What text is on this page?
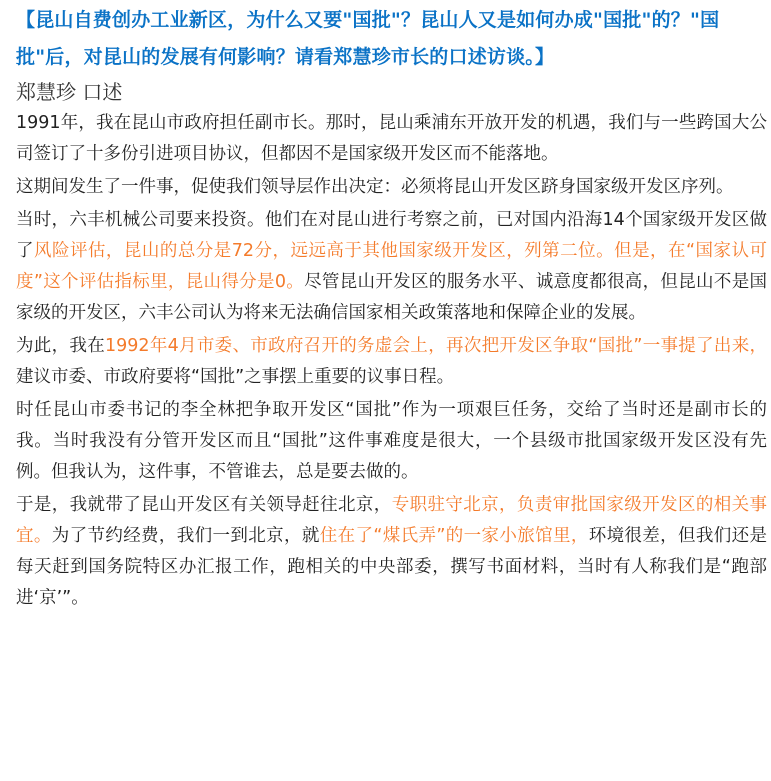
【昆山自费创办工业新区，为什么又要"国批"？昆山人又是如何办成"国批"的？"国批"后，对昆山的发展有何影响？请看郑慧珍市长的口述访谈。】

郑慧珍 口述

1991年，我在昆山市政府担任副市长。那时，昆山乘浦东开放开发的机遇，我们与一些跨国大公司签订了十多份引进项目协议，但都因不是国家级开发区而不能落地。

这期间发生了一件事，促使我们领导层作出决定：必须将昆山开发区跻身国家级开发区序列。

当时，六丰机械公司要来投资。他们在对昆山进行考察之前，已对国内沿海14个国家级开发区做了风险评估，昆山的总分是72分，远远高于其他国家级开发区，列第二位。但是，在“国家认可度”这个评估指标里，昆山得分是0。尽管昆山开发区的服务水平、诚意度都很高，但昆山不是国家级的开发区，六丰公司认为将来无法确信国家相关政策落地和保障企业的发展。

为此，我在1992年4月市委、市政府召开的务虚会上，再次把开发区争取“国批”一事提了出来，建议市委、市政府要将“国批”之事摆上重要的议事日程。

时任昆山市委书记的李全林把争取开发区“国批”作为一项艰巨任务，交给了当时还是副市长的我。当时我没有分管开发区而且“国批”这件事难度是很大，一个县级市批国家级开发区没有先例。但我认为，这件事，不管谁去，总是要去做的。

于是，我就带了昆山开发区有关领导赶往北京，专职驻守北京，负责审批国家级开发区的相关事宜。为了节约经费，我们一到北京，就住在了“煤氏弄”的一家小旅馆里，环境很差，但我们还是每天赶到国务院特区办汇报工作，跑相关的中央部委，撰写书面材料，当时有人称我们是“跑部进‘京’”。
